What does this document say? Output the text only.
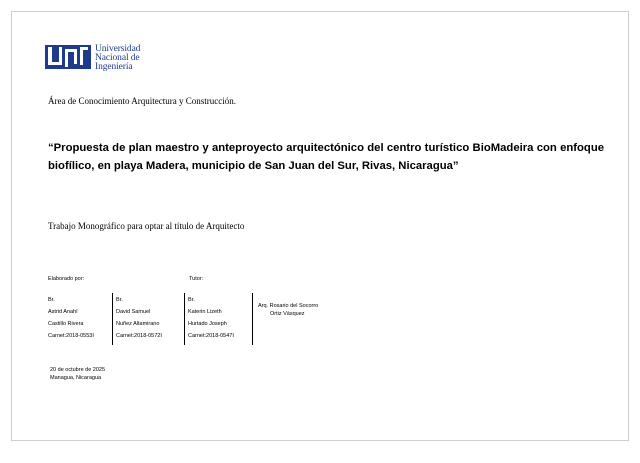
Universidad
Nacional de
Ingeniería
Área de Conocimiento Arquitectura y Construcción.
“Propuesta de plan maestro y anteproyecto arquitectónico del centro turístico BioMadeira con enfoque biofílico, en playa Madera, municipio de San Juan del Sur, Rivas, Nicaragua”
Trabajo Monográfico para optar al título de Arquitecto
Elaborado por:	Tutor:
Br.
Astrid Anahí
Castillo Rivera
Carnet:2018-0553I
Br.
David Samuel
Nuñez Altamirano
Carnet:2018-0572I
Br.
Katerin Lizeth
Hurtado Joseph
Carnet:2018-0547I
Arq. Rosario del Socorro
Ortiz Vásquez
20 de octubre de 2025
Managua, Nicaragua
